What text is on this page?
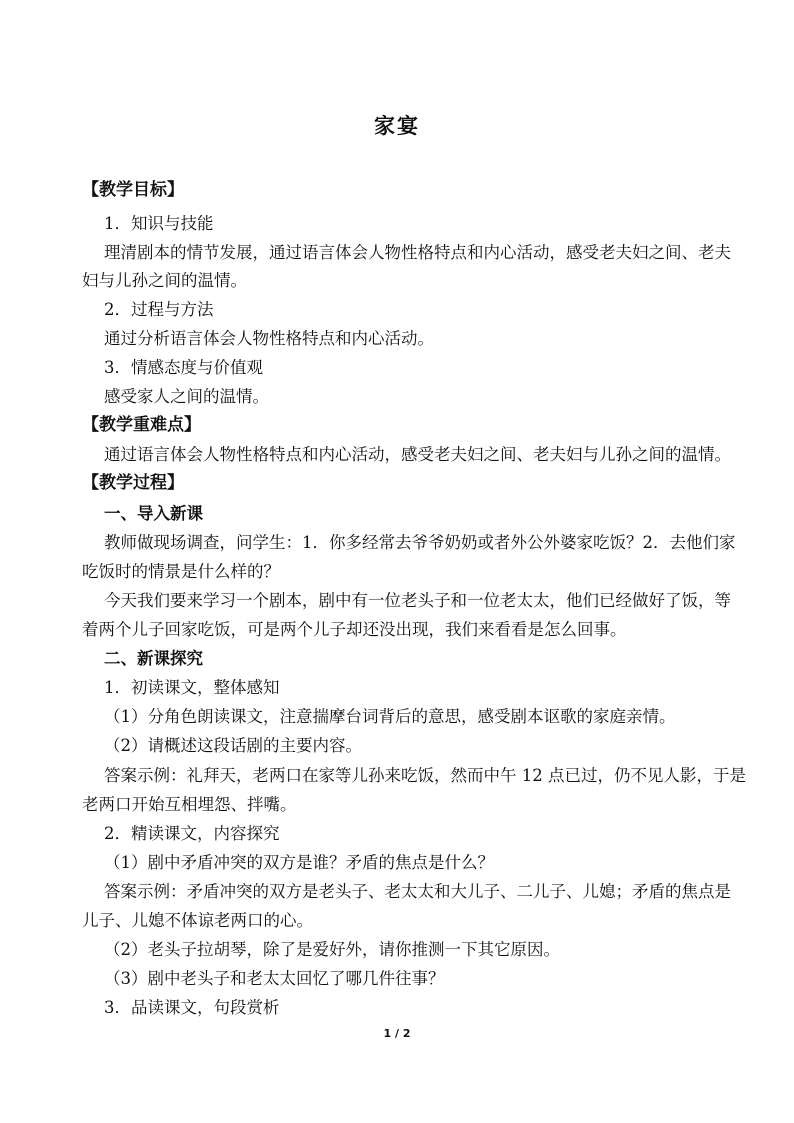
家宴
【教学目标】
1．知识与技能
理清剧本的情节发展，通过语言体会人物性格特点和内心活动，感受老夫妇之间、老夫
妇与儿孙之间的温情。
2．过程与方法
通过分析语言体会人物性格特点和内心活动。
3．情感态度与价值观
感受家人之间的温情。
【教学重难点】
通过语言体会人物性格特点和内心活动，感受老夫妇之间、老夫妇与儿孙之间的温情。
【教学过程】
一、导入新课
教师做现场调查，问学生：1．你多经常去爷爷奶奶或者外公外婆家吃饭？2．去他们家
吃饭时的情景是什么样的？
今天我们要来学习一个剧本，剧中有一位老头子和一位老太太，他们已经做好了饭，等
着两个儿子回家吃饭，可是两个儿子却还没出现，我们来看看是怎么回事。
二、新课探究
1．初读课文，整体感知
（1）分角色朗读课文，注意揣摩台词背后的意思，感受剧本讴歌的家庭亲情。
（2）请概述这段话剧的主要内容。
答案示例：礼拜天，老两口在家等儿孙来吃饭，然而中午 12 点已过，仍不见人影，于是
老两口开始互相埋怨、拌嘴。
2．精读课文，内容探究
（1）剧中矛盾冲突的双方是谁？矛盾的焦点是什么？
答案示例：矛盾冲突的双方是老头子、老太太和大儿子、二儿子、儿媳；矛盾的焦点是
儿子、儿媳不体谅老两口的心。
（2）老头子拉胡琴，除了是爱好外，请你推测一下其它原因。
（3）剧中老头子和老太太回忆了哪几件往事？
3．品读课文，句段赏析
1 / 2
